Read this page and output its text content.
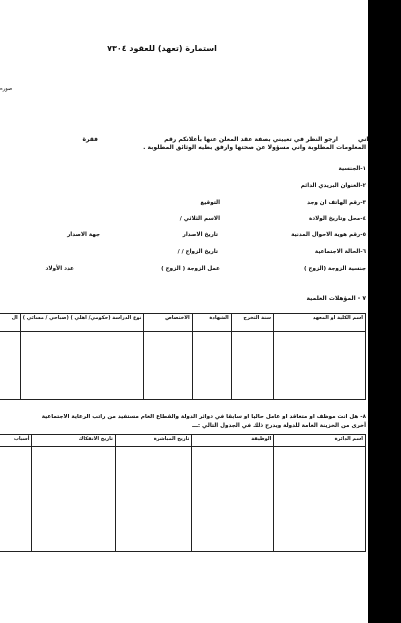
استمارة (تعهد) للعقود ٧٣٠٤
صوره
اني
ارجو النظر في تعييني بصفة عقد المعلن عنها بأعلانكم رقم
فقرة
المعلومات المطلوبة واني مسؤولا عن صحتها وارفق بطيه الوثائق المطلوبة .
١-الجنسية
٢-العنوان البريدي الدائم
٣-رقم الهاتف ان وجد
التوقيع
٤-محل وتاريخ الولادة
الاسم الثلاثي /
٥-رقم هوية الاحوال المدنية
تاريخ الاصدار
جهة الاصدار
٦-الحالة الاجتماعية
تاريخ الزواج / /
جنسية الزوجة (الزوج )
عمل الزوجة ( الزوج )
عدد الأولاد
٧ - المؤهلات العلمية
اسم الكلية او المعهد	سنة التخرج	الشهادة	الاختصاص	نوع الدراسة (حكومي/ اهلي ) (صباحي / مسائي )	ال

٨- هل انت موظف او متعاقد او عامل حالياً او سابقاً في دوائر الدولة والقطاع العام مستفيد من راتب الرعاية الاجتماعية
أخرى من الخزينة العامة للدولة ويدرج ذلك في الجدول التالي :ـــ
اسم الدائرة	الوظيفة	تاريخ المباشرة	تاريخ الانفكاك	أسباب
